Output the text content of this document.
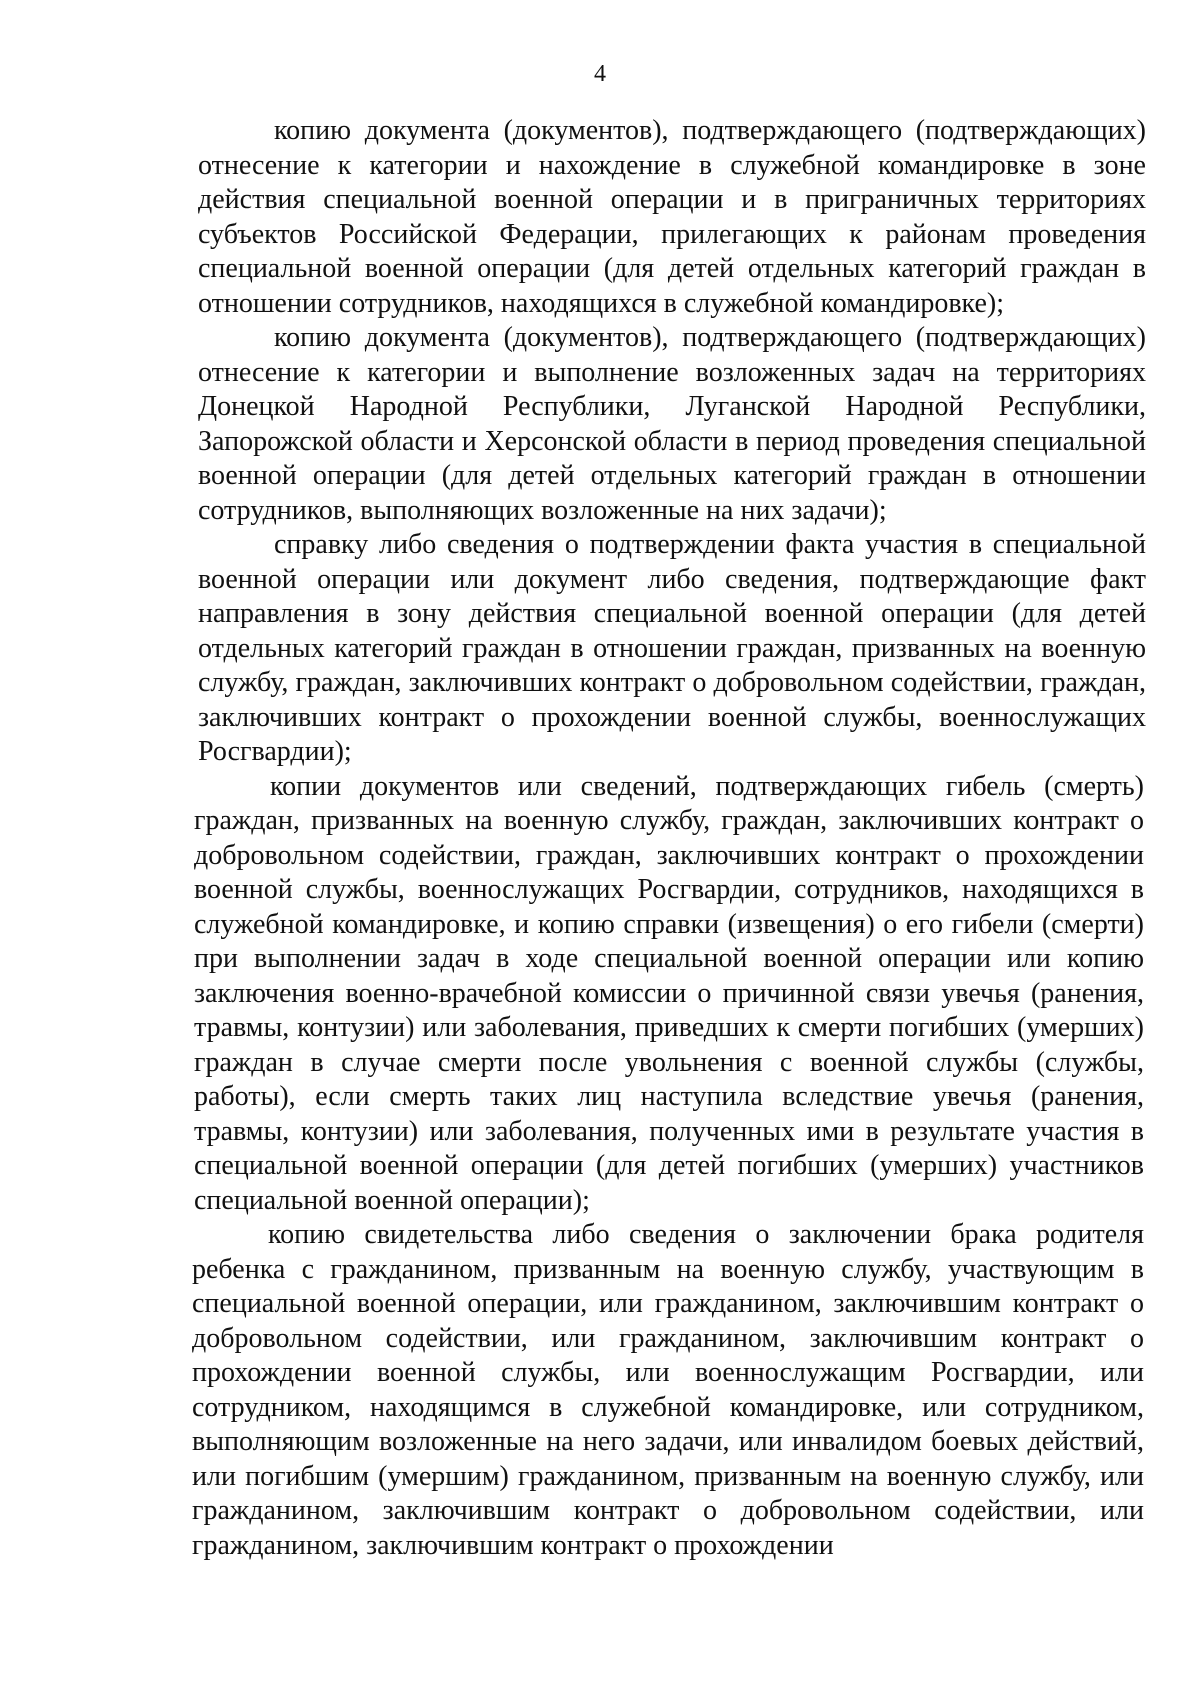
4

копию документа (документов), подтверждающего (подтверждающих) отнесение к категории и нахождение в служебной командировке в зоне действия специальной военной операции и в приграничных территориях субъектов Российской Федерации, прилегающих к районам проведения специальной военной операции (для детей отдельных категорий граждан в отношении сотрудников, находящихся в служебной командировке);

копию документа (документов), подтверждающего (подтверждающих) отнесение к категории и выполнение возложенных задач на территориях Донецкой Народной Республики, Луганской Народной Республики, Запорожской области и Херсонской области в период проведения специальной военной операции (для детей отдельных категорий граждан в отношении сотрудников, выполняющих возложенные на них задачи);

справку либо сведения о подтверждении факта участия в специальной военной операции или документ либо сведения, подтверждающие факт направления в зону действия специальной военной операции (для детей отдельных категорий граждан в отношении граждан, призванных на военную службу, граждан, заключивших контракт о добровольном содействии, граждан, заключивших контракт о прохождении военной службы, военнослужащих Росгвардии);

копии документов или сведений, подтверждающих гибель (смерть) граждан, призванных на военную службу, граждан, заключивших контракт о добровольном содействии, граждан, заключивших контракт о прохождении военной службы, военнослужащих Росгвардии, сотрудников, находящихся в служебной командировке, и копию справки (извещения) о его гибели (смерти) при выполнении задач в ходе специальной военной операции или копию заключения военно-врачебной комиссии о причинной связи увечья (ранения, травмы, контузии) или заболевания, приведших к смерти погибших (умерших) граждан в случае смерти после увольнения с военной службы (службы, работы), если смерть таких лиц наступила вследствие увечья (ранения, травмы, контузии) или заболевания, полученных ими в результате участия в специальной военной операции (для детей погибших (умерших) участников специальной военной операции);

копию свидетельства либо сведения о заключении брака родителя ребенка с гражданином, призванным на военную службу, участвующим в специальной военной операции, или гражданином, заключившим контракт о добровольном содействии, или гражданином, заключившим контракт о прохождении военной службы, или военнослужащим Росгвардии, или сотрудником, находящимся в служебной командировке, или сотрудником, выполняющим возложенные на него задачи, или инвалидом боевых действий, или погибшим (умершим) гражданином, призванным на военную службу, или гражданином, заключившим контракт о добровольном содействии, или гражданином, заключившим контракт о прохождении
